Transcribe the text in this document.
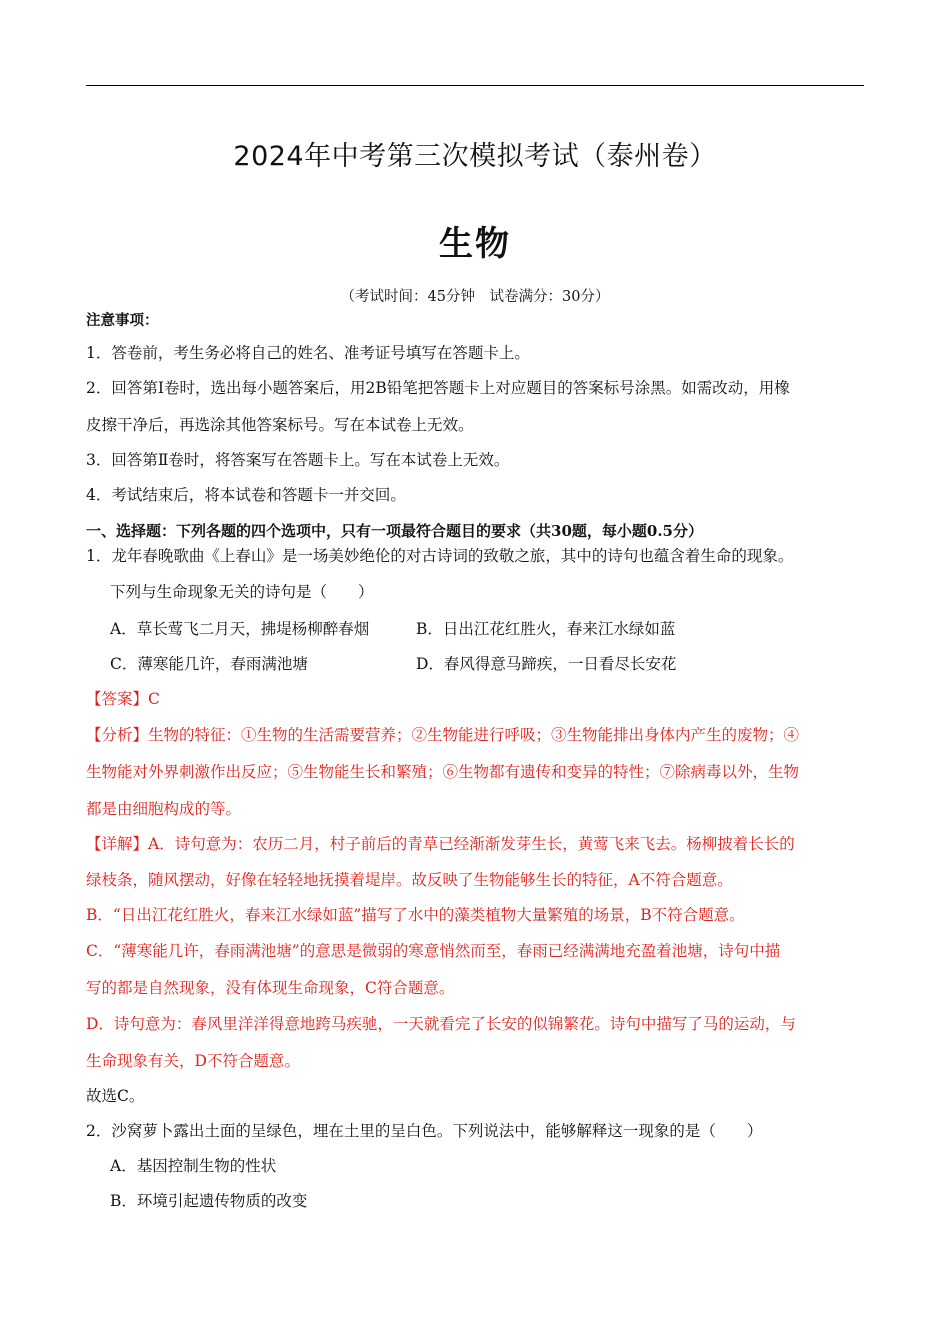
2024年中考第三次模拟考试（泰州卷）
生物
（考试时间：45分钟　试卷满分：30分）
注意事项：
1．答卷前，考生务必将自己的姓名、准考证号填写在答题卡上。
2．回答第Ⅰ卷时，选出每小题答案后，用2B铅笔把答题卡上对应题目的答案标号涂黑。如需改动，用橡
皮擦干净后，再选涂其他答案标号。写在本试卷上无效。
3．回答第Ⅱ卷时，将答案写在答题卡上。写在本试卷上无效。
4．考试结束后，将本试卷和答题卡一并交回。
一、选择题：下列各题的四个选项中，只有一项最符合题目的要求（共30题，每小题0.5分）
1．龙年春晚歌曲《上春山》是一场美妙绝伦的对古诗词的致敬之旅，其中的诗句也蕴含着生命的现象。
下列与生命现象无关的诗句是（　　）
A．草长莺飞二月天，拂堤杨柳醉春烟	B．日出江花红胜火，春来江水绿如蓝
C．薄寒能几许，春雨满池塘	D．春风得意马蹄疾，一日看尽长安花
【答案】C
【分析】生物的特征：①生物的生活需要营养；②生物能进行呼吸；③生物能排出身体内产生的废物；④
生物能对外界刺激作出反应；⑤生物能生长和繁殖；⑥生物都有遗传和变异的特性；⑦除病毒以外，生物
都是由细胞构成的等。
【详解】A．诗句意为：农历二月，村子前后的青草已经渐渐发芽生长，黄莺飞来飞去。杨柳披着长长的
绿枝条，随风摆动，好像在轻轻地抚摸着堤岸。故反映了生物能够生长的特征，A不符合题意。
B．“日出江花红胜火，春来江水绿如蓝”描写了水中的藻类植物大量繁殖的场景，B不符合题意。
C．“薄寒能几许，春雨满池塘”的意思是微弱的寒意悄然而至，春雨已经满满地充盈着池塘，诗句中描
写的都是自然现象，没有体现生命现象，C符合题意。
D．诗句意为：春风里洋洋得意地跨马疾驰，一天就看完了长安的似锦繁花。诗句中描写了马的运动，与
生命现象有关，D不符合题意。
故选C。
2．沙窝萝卜露出土面的呈绿色，埋在土里的呈白色。下列说法中，能够解释这一现象的是（　　）
A．基因控制生物的性状
B．环境引起遗传物质的改变
